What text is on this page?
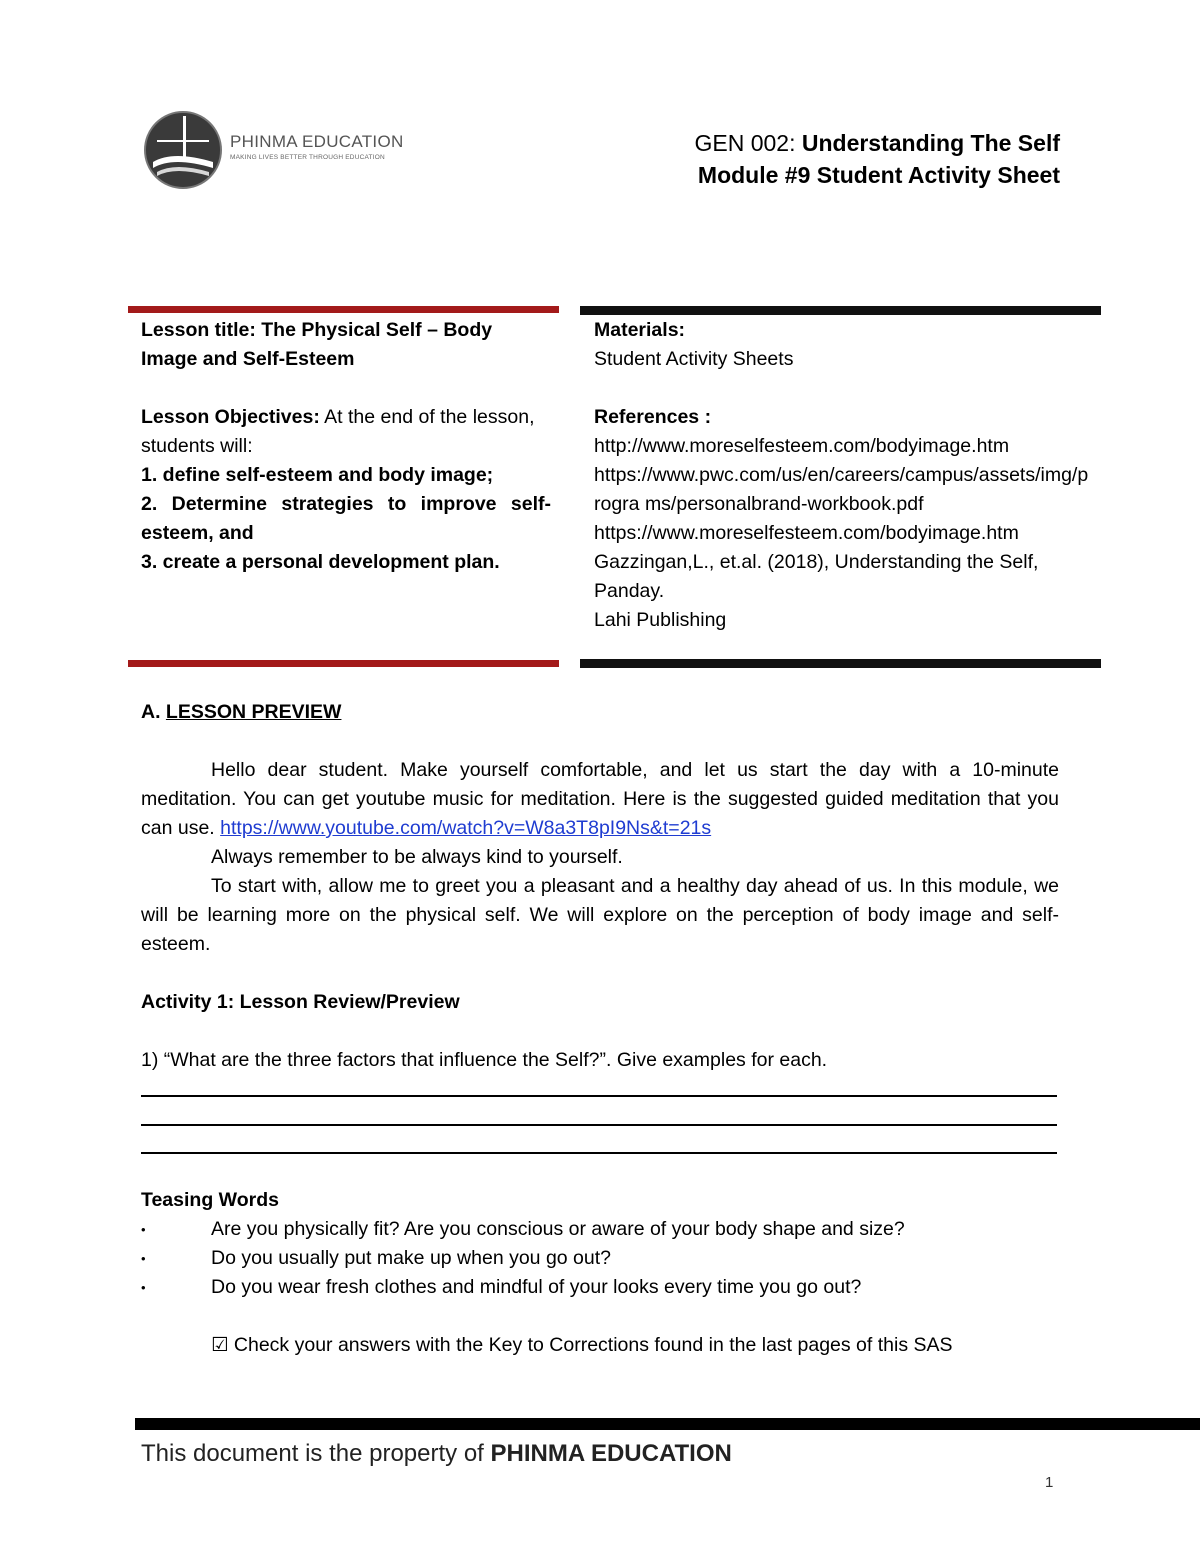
PHINMA EDUCATION
MAKING LIVES BETTER THROUGH EDUCATION
GEN 002: Understanding The Self
Module #9 Student Activity Sheet

Lesson title: The Physical Self – Body Image and Self-Esteem

Lesson Objectives: At the end of the lesson, students will:

1. define self-esteem and body image;

2. Determine strategies to improve self-esteem, and

3. create a personal development plan.

Materials:

Student Activity Sheets

References :

http://www.moreselfesteem.com/bodyimage.htm

https://www.pwc.com/us/en/careers/campus/assets/img/progra ms/personalbrand-workbook.pdf

https://www.moreselfesteem.com/bodyimage.htm

Gazzingan,L., et.al. (2018), Understanding the Self, Panday.

Lahi Publishing

A. LESSON PREVIEW

Hello dear student. Make yourself comfortable, and let us start the day with a 10-minute meditation. You can get youtube music for meditation. Here is the suggested guided meditation that you can use. https://www.youtube.com/watch?v=W8a3T8pI9Ns&t=21s

Always remember to be always kind to yourself.

To start with, allow me to greet you a pleasant and a healthy day ahead of us. In this module, we will be learning more on the physical self. We will explore on the perception of body image and self-esteem.

Activity 1: Lesson Review/Preview

1) “What are the three factors that influence the Self?”. Give examples for each.

Teasing Words

•	Are you physically fit? Are you conscious or aware of your body shape and size?

•	Do you usually put make up when you go out?

•	Do you wear fresh clothes and mindful of your looks every time you go out?

☑ Check your answers with the Key to Corrections found in the last pages of this SAS

This document is the property of PHINMA EDUCATION
1
